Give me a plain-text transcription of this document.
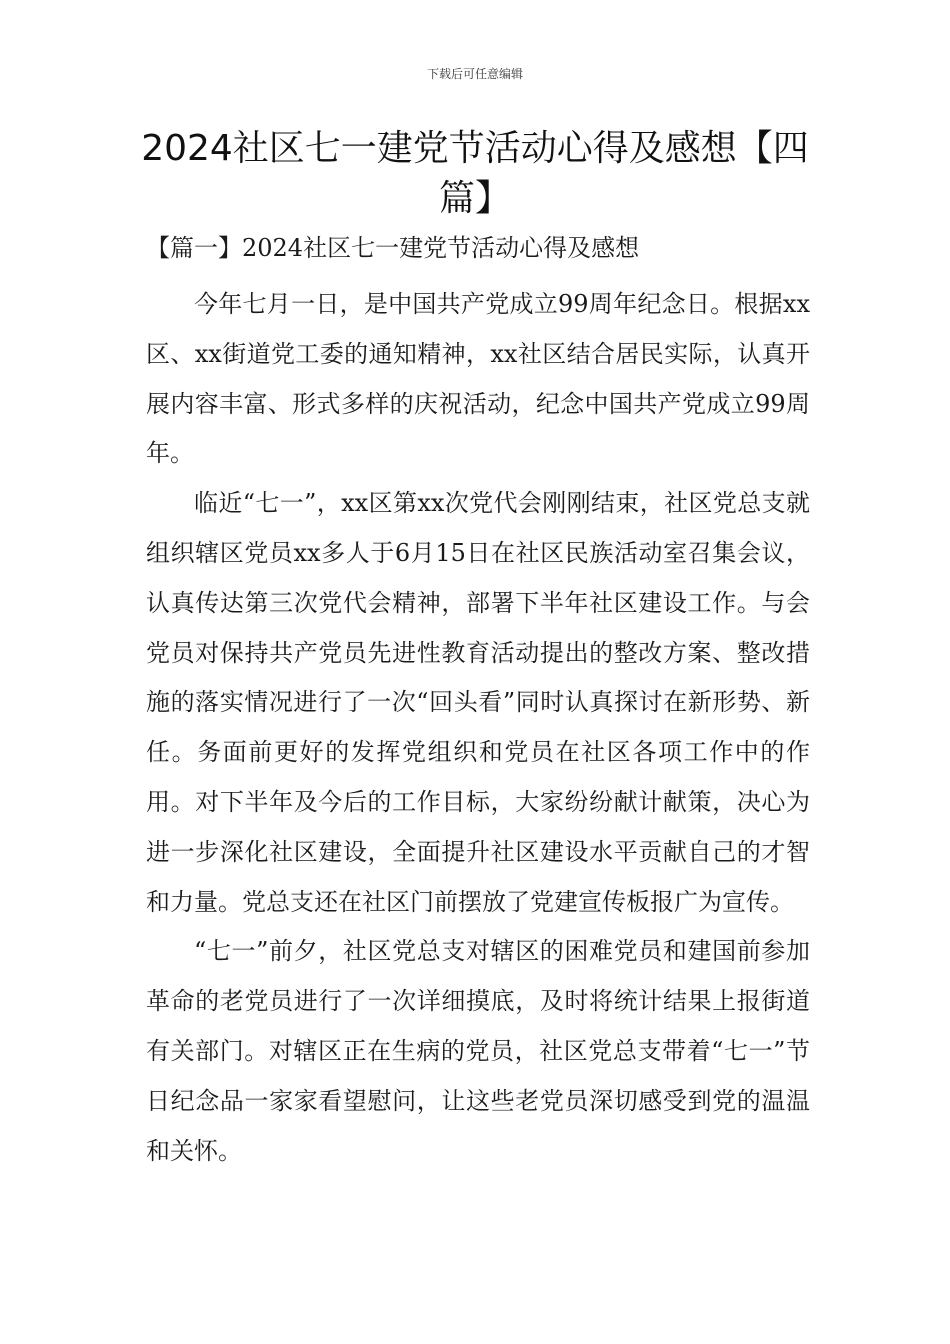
下载后可任意编辑
2024社区七一建党节活动心得及感想【四篇】
【篇一】2024社区七一建党节活动心得及感想

今年七月一日，是中国共产党成立99周年纪念日。根据xx区、xx街道党工委的通知精神，xx社区结合居民实际，认真开展内容丰富、形式多样的庆祝活动，纪念中国共产党成立99周年。

临近“七一”，xx区第xx次党代会刚刚结束，社区党总支就组织辖区党员xx多人于6月15日在社区民族活动室召集会议，认真传达第三次党代会精神，部署下半年社区建设工作。与会党员对保持共产党员先进性教育活动提出的整改方案、整改措施的落实情况进行了一次“回头看”同时认真探讨在新形势、新任。务面前更好的发挥党组织和党员在社区各项工作中的作用。对下半年及今后的工作目标，大家纷纷献计献策，决心为进一步深化社区建设，全面提升社区建设水平贡献自己的才智和力量。党总支还在社区门前摆放了党建宣传板报广为宣传。

“七一”前夕，社区党总支对辖区的困难党员和建国前参加革命的老党员进行了一次详细摸底，及时将统计结果上报街道有关部门。对辖区正在生病的党员，社区党总支带着“七一”节日纪念品一家家看望慰问，让这些老党员深切感受到党的温温和关怀。
